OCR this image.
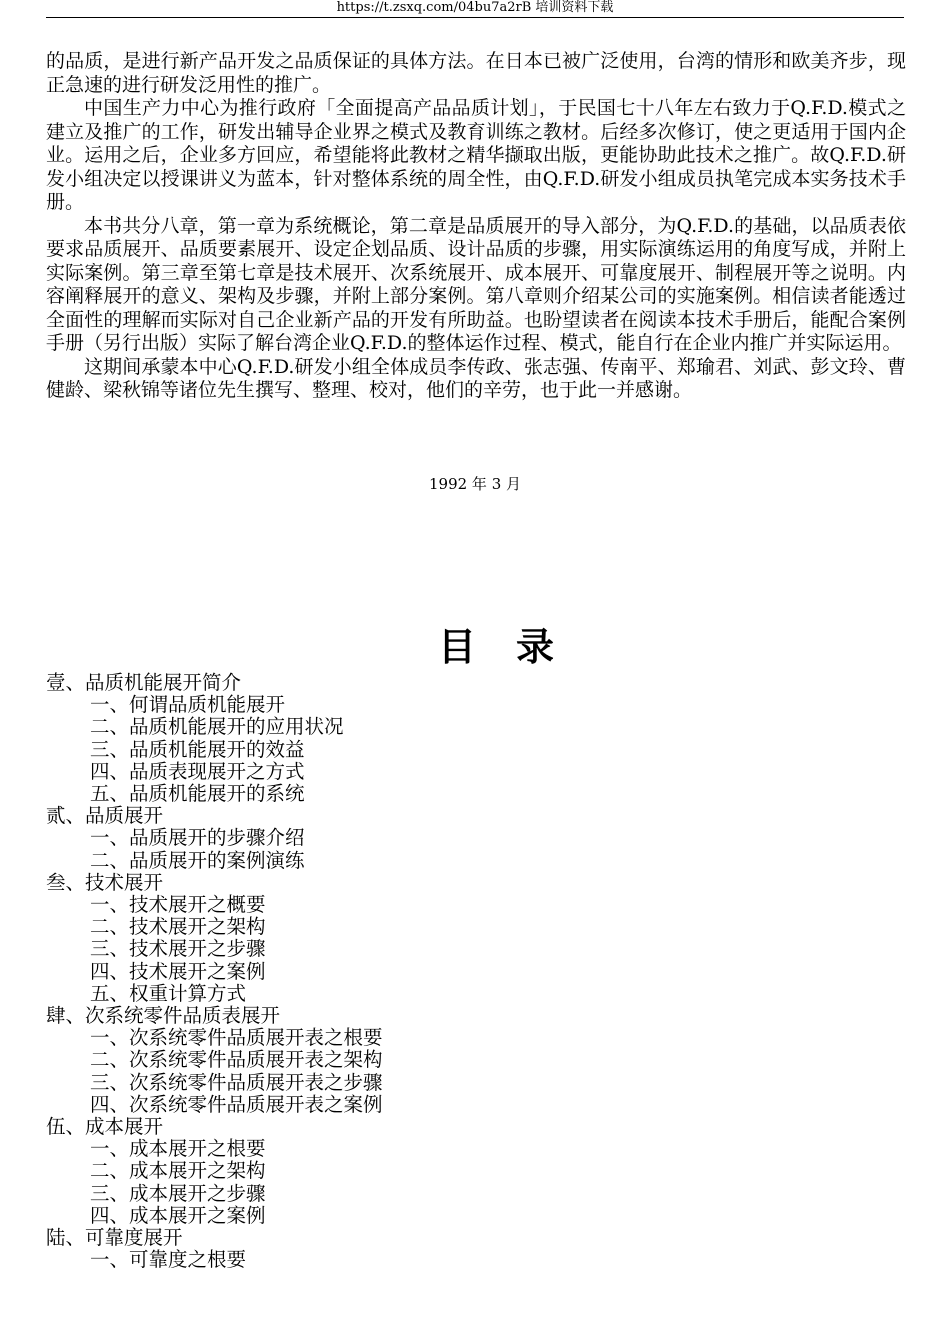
https://t.zsxq.com/04bu7a2rB 培训资料下载

的品质，是进行新产品开发之品质保证的具体方法。在日本已被广泛使用，台湾的情形和欧美齐步，现正急速的进行研发泛用性的推广。

中国生产力中心为推行政府「全面提高产品品质计划」，于民国七十八年左右致力于Q.F.D.模式之建立及推广的工作，研发出辅导企业界之模式及教育训练之教材。后经多次修订，使之更适用于国内企业。运用之后，企业多方回应，希望能将此教材之精华撷取出版，更能协助此技术之推广。故Q.F.D.研发小组决定以授课讲义为蓝本，针对整体系统的周全性，由Q.F.D.研发小组成员执笔完成本实务技术手册。

本书共分八章，第一章为系统概论，第二章是品质展开的导入部分，为Q.F.D.的基础，以品质表依要求品质展开、品质要素展开、设定企划品质、设计品质的步骤，用实际演练运用的角度写成，并附上实际案例。第三章至第七章是技术展开、次系统展开、成本展开、可靠度展开、制程展开等之说明。内容阐释展开的意义、架构及步骤，并附上部分案例。第八章则介绍某公司的实施案例。相信读者能透过全面性的理解而实际对自己企业新产品的开发有所助益。也盼望读者在阅读本技术手册后，能配合案例手册（另行出版）实际了解台湾企业Q.F.D.的整体运作过程、模式，能自行在企业内推广并实际运用。

这期间承蒙本中心Q.F.D.研发小组全体成员李传政、张志强、传南平、郑瑜君、刘武、彭文玲、曹健龄、梁秋锦等诸位先生撰写、整理、校对，他们的辛劳，也于此一并感谢。

1992 年 3 月
目录
壹、品质机能展开简介
一、何谓品质机能展开
二、品质机能展开的应用状况
三、品质机能展开的效益
四、品质表现展开之方式
五、品质机能展开的系统
贰、品质展开
一、品质展开的步骤介绍
二、品质展开的案例演练
叁、技术展开
一、技术展开之概要
二、技术展开之架构
三、技术展开之步骤
四、技术展开之案例
五、权重计算方式
肆、次系统零件品质表展开
一、次系统零件品质展开表之根要
二、次系统零件品质展开表之架构
三、次系统零件品质展开表之步骤
四、次系统零件品质展开表之案例
伍、成本展开
一、成本展开之根要
二、成本展开之架构
三、成本展开之步骤
四、成本展开之案例
陆、可靠度展开
一、可靠度之根要
